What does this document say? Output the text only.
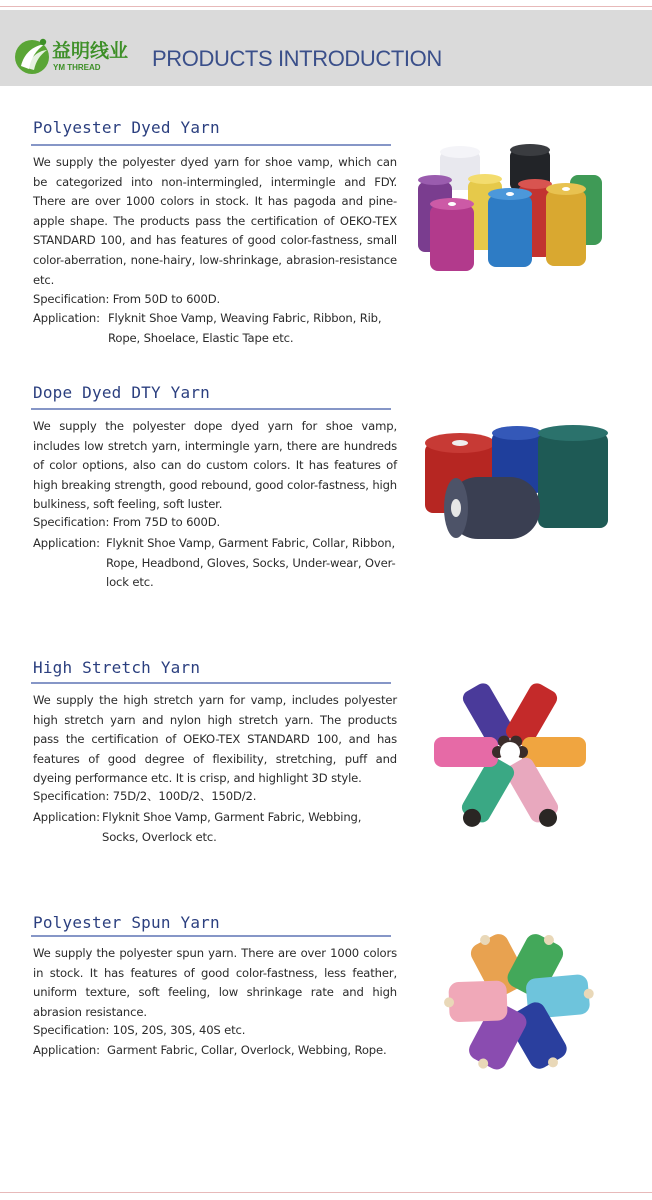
益明线业
YM THREAD PRODUCTS INTRODUCTION
Polyester Dyed Yarn
We supply the polyester dyed yarn for shoe vamp, which can be categorized into non-intermingled, intermingle and FDY. There are over 1000 colors in stock. It has pagoda and pine-apple shape. The products pass the certification of OEKO-TEX STANDARD 100, and has features of good color-fastness, small color-aberration, none-hairy, low-shrinkage, abrasion-resistance etc.
Specification: From 50D to 600D.
Application: Flyknit Shoe Vamp, Weaving Fabric, Ribbon, Rib, Rope, Shoelace, Elastic Tape etc.
Dope Dyed DTY Yarn
We supply the polyester dope dyed yarn for shoe vamp, includes low stretch yarn, intermingle yarn, there are hundreds of color options, also can do custom colors. It has features of high breaking strength, good rebound, good color-fastness, high bulkiness, soft feeling, soft luster.
Specification: From 75D to 600D.
Application: Flyknit Shoe Vamp, Garment Fabric, Collar, Ribbon, Rope, Headbond, Gloves, Socks, Under-wear, Over- lock etc.
High Stretch Yarn
We supply the high stretch yarn for vamp, includes polyester high stretch yarn and nylon high stretch yarn. The products pass the certification of OEKO-TEX STANDARD 100, and has features of good degree of flexibility, stretching, puff and dyeing performance etc. It is crisp, and highlight 3D style.
Specification: 75D/2、100D/2、150D/2.
Application: Flyknit Shoe Vamp, Garment Fabric, Webbing, Socks, Overlock etc.
Polyester Spun Yarn
We supply the polyester spun yarn. There are over 1000 colors in stock. It has features of good color-fastness, less feather, uniform texture, soft feeling, low shrinkage rate and high abrasion resistance.
Specification: 10S, 20S, 30S, 40S etc.
Application: Garment Fabric, Collar, Overlock, Webbing, Rope.
